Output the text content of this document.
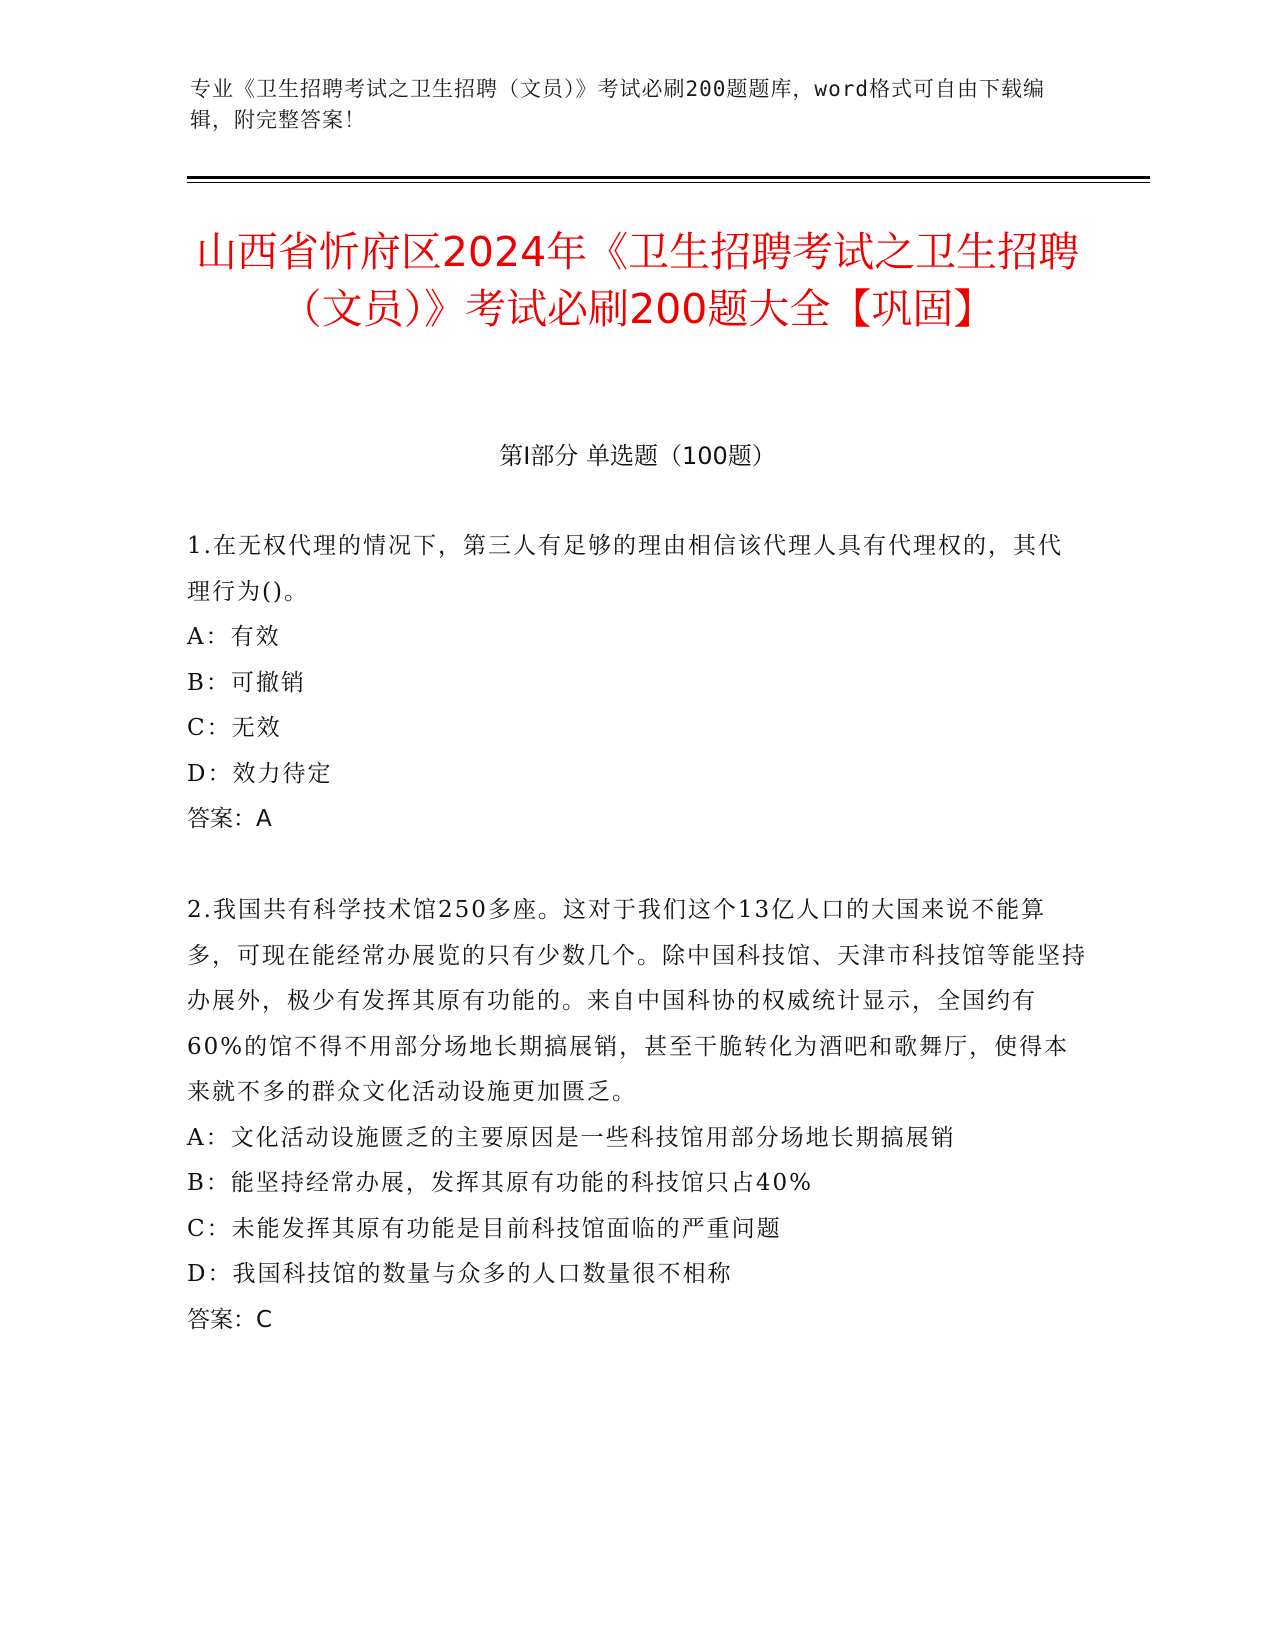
专业《卫生招聘考试之卫生招聘（文员）》考试必刷200题题库，word格式可自由下载编辑，附完整答案！
山西省忻府区2024年《卫生招聘考试之卫生招聘（文员）》考试必刷200题大全【巩固】
第Ⅰ部分 单选题（100题）

1.在无权代理的情况下，第三人有足够的理由相信该代理人具有代理权的，其代理行为()。

A：有效

B：可撤销

C：无效

D：效力待定

答案：A

2.我国共有科学技术馆250多座。这对于我们这个13亿人口的大国来说不能算多，可现在能经常办展览的只有少数几个。除中国科技馆、天津市科技馆等能坚持办展外，极少有发挥其原有功能的。来自中国科协的权威统计显示，全国约有60%的馆不得不用部分场地长期搞展销，甚至干脆转化为酒吧和歌舞厅，使得本来就不多的群众文化活动设施更加匮乏。

A：文化活动设施匮乏的主要原因是一些科技馆用部分场地长期搞展销

B：能坚持经常办展，发挥其原有功能的科技馆只占40%

C：未能发挥其原有功能是目前科技馆面临的严重问题

D：我国科技馆的数量与众多的人口数量很不相称

答案：C
